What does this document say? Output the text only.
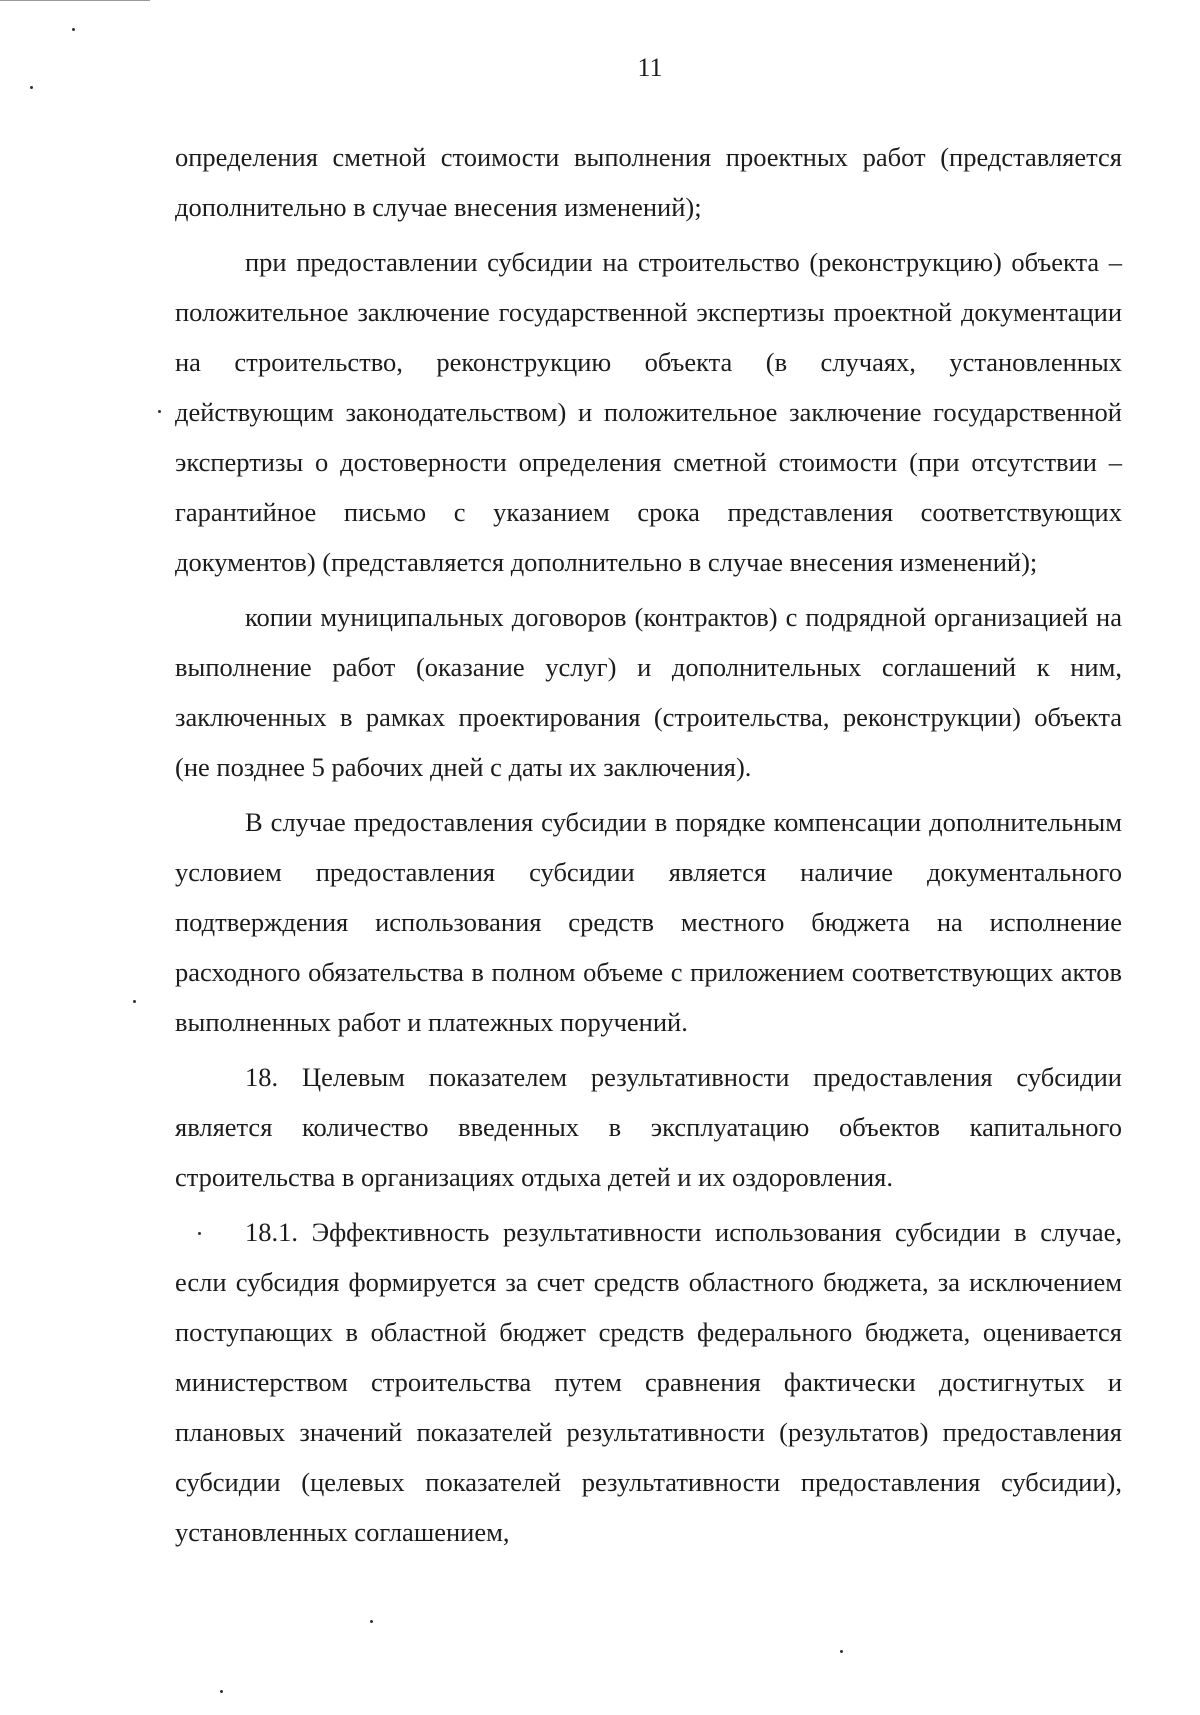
11

определения сметной стоимости выполнения проектных работ (представляется дополнительно в случае внесения изменений);

при предоставлении субсидии на строительство (реконструкцию) объекта – положительное заключение государственной экспертизы проектной документации на строительство, реконструкцию объекта (в случаях, установленных действующим законодательством) и положительное заключение государственной экспертизы о достоверности определения сметной стоимости (при отсутствии – гарантийное письмо с указанием срока представления соответствующих документов) (представляется дополнительно в случае внесения изменений);

копии муниципальных договоров (контрактов) с подрядной организацией на выполнение работ (оказание услуг) и дополнительных соглашений к ним, заключенных в рамках проектирования (строительства, реконструкции) объекта (не позднее 5 рабочих дней с даты их заключения).

В случае предоставления субсидии в порядке компенсации дополнительным условием предоставления субсидии является наличие документального подтверждения использования средств местного бюджета на исполнение расходного обязательства в полном объеме с приложением соответствующих актов выполненных работ и платежных поручений.

18. Целевым показателем результативности предоставления субсидии является количество введенных в эксплуатацию объектов капитального строительства в организациях отдыха детей и их оздоровления.

18.1. Эффективность результативности использования субсидии в случае, если субсидия формируется за счет средств областного бюджета, за исключением поступающих в областной бюджет средств федерального бюджета, оценивается министерством строительства путем сравнения фактически достигнутых и плановых значений показателей результативности (результатов) предоставления субсидии (целевых показателей результативности предоставления субсидии), установленных соглашением,
